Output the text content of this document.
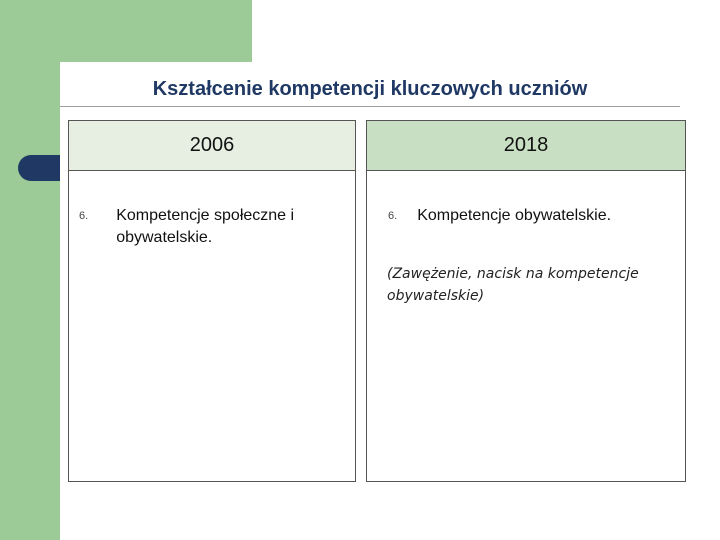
Kształcenie kompetencji kluczowych uczniów
2006
6. Kompetencje społeczne i obywatelskie.
2018
6. Kompetencje obywatelskie.
(Zawężenie, nacisk na kompetencje obywatelskie)
